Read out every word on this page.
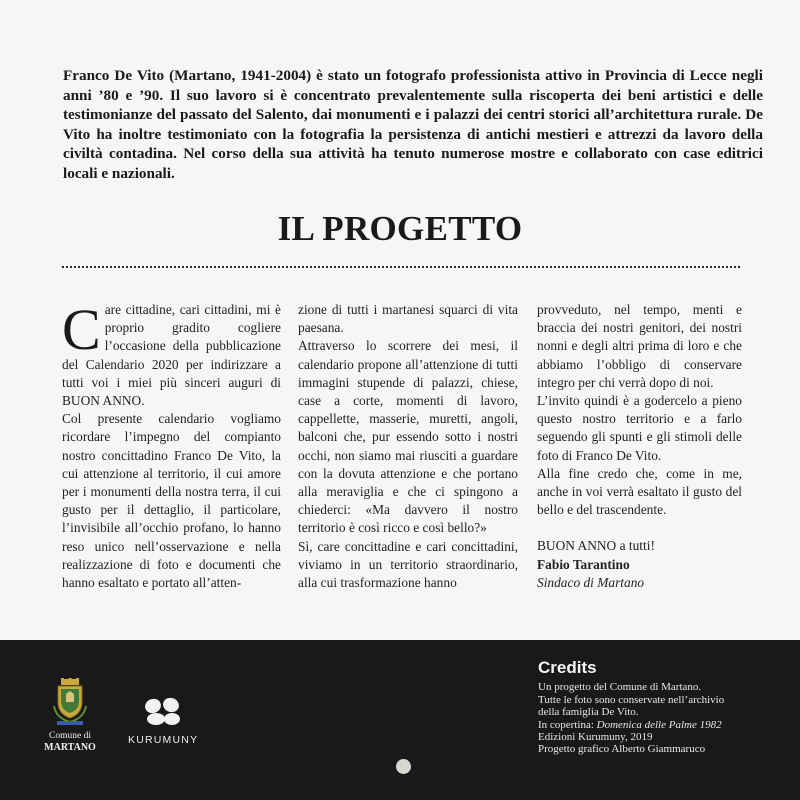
Franco De Vito (Martano, 1941-2004) è stato un fotografo professionista attivo in Provincia di Lecce negli anni ’80 e ’90. Il suo lavoro si è concentrato prevalentemente sulla riscoperta dei beni artistici e delle testimonianze del passato del Salento, dai monumenti e i palazzi dei centri storici all’architettura rurale. De Vito ha inoltre testimoniato con la fotografia la persistenza di antichi mestieri e attrezzi da lavoro della civiltà contadina. Nel corso della sua attività ha tenuto numerose mostre e collaborato con case editrici locali e nazionali.

IL PROGETTO

Care cittadine, cari cittadini, mi è proprio gradito cogliere l’occasione della pubblicazione del Calendario 2020 per indirizzare a tutti voi i miei più sinceri auguri di BUON ANNO.

Col presente calendario vogliamo ricordare l’impegno del compianto nostro concittadino Franco De Vito, la cui attenzione al territorio, il cui amore per i monumenti della nostra terra, il cui gusto per il dettaglio, il particolare, l’invisibile all’occhio profano, lo hanno reso unico nell’osservazione e nella realizzazione di foto e documenti che hanno esaltato e portato all’atten-

zione di tutti i martanesi squarci di vita paesana.

Attraverso lo scorrere dei mesi, il calendario propone all’attenzione di tutti immagini stupende di palazzi, chiese, case a corte, momenti di lavoro, cappellette, masserie, muretti, angoli, balconi che, pur essendo sotto i nostri occhi, non siamo mai riusciti a guardare con la dovuta attenzione e che portano alla meraviglia e che ci spingono a chiederci: «Ma davvero il nostro territorio è così ricco e così bello?»

Sì, care concittadine e cari concittadini, viviamo in un territorio straordinario, alla cui trasformazione hanno

provveduto, nel tempo, menti e braccia dei nostri genitori, dei nostri nonni e degli altri prima di loro e che abbiamo l’obbligo di conservare integro per chi verrà dopo di noi.

L’invito quindi è a godercelo a pieno questo nostro territorio e a farlo seguendo gli spunti e gli stimoli delle foto di Franco De Vito.

Alla fine credo che, come in me, anche in voi verrà esaltato il gusto del bello e del trascendente.

BUON ANNO a tutti!

Fabio Tarantino

Sindaco di Martano

Comune di
MARTANO
KURUMUNY
Credits

Un progetto del Comune di Martano.

Tutte le foto sono conservate nell’archivio

della famiglia De Vito.

In copertina: Domenica delle Palme 1982

Edizioni Kurumuny, 2019

Progetto grafico Alberto Giammaruco
